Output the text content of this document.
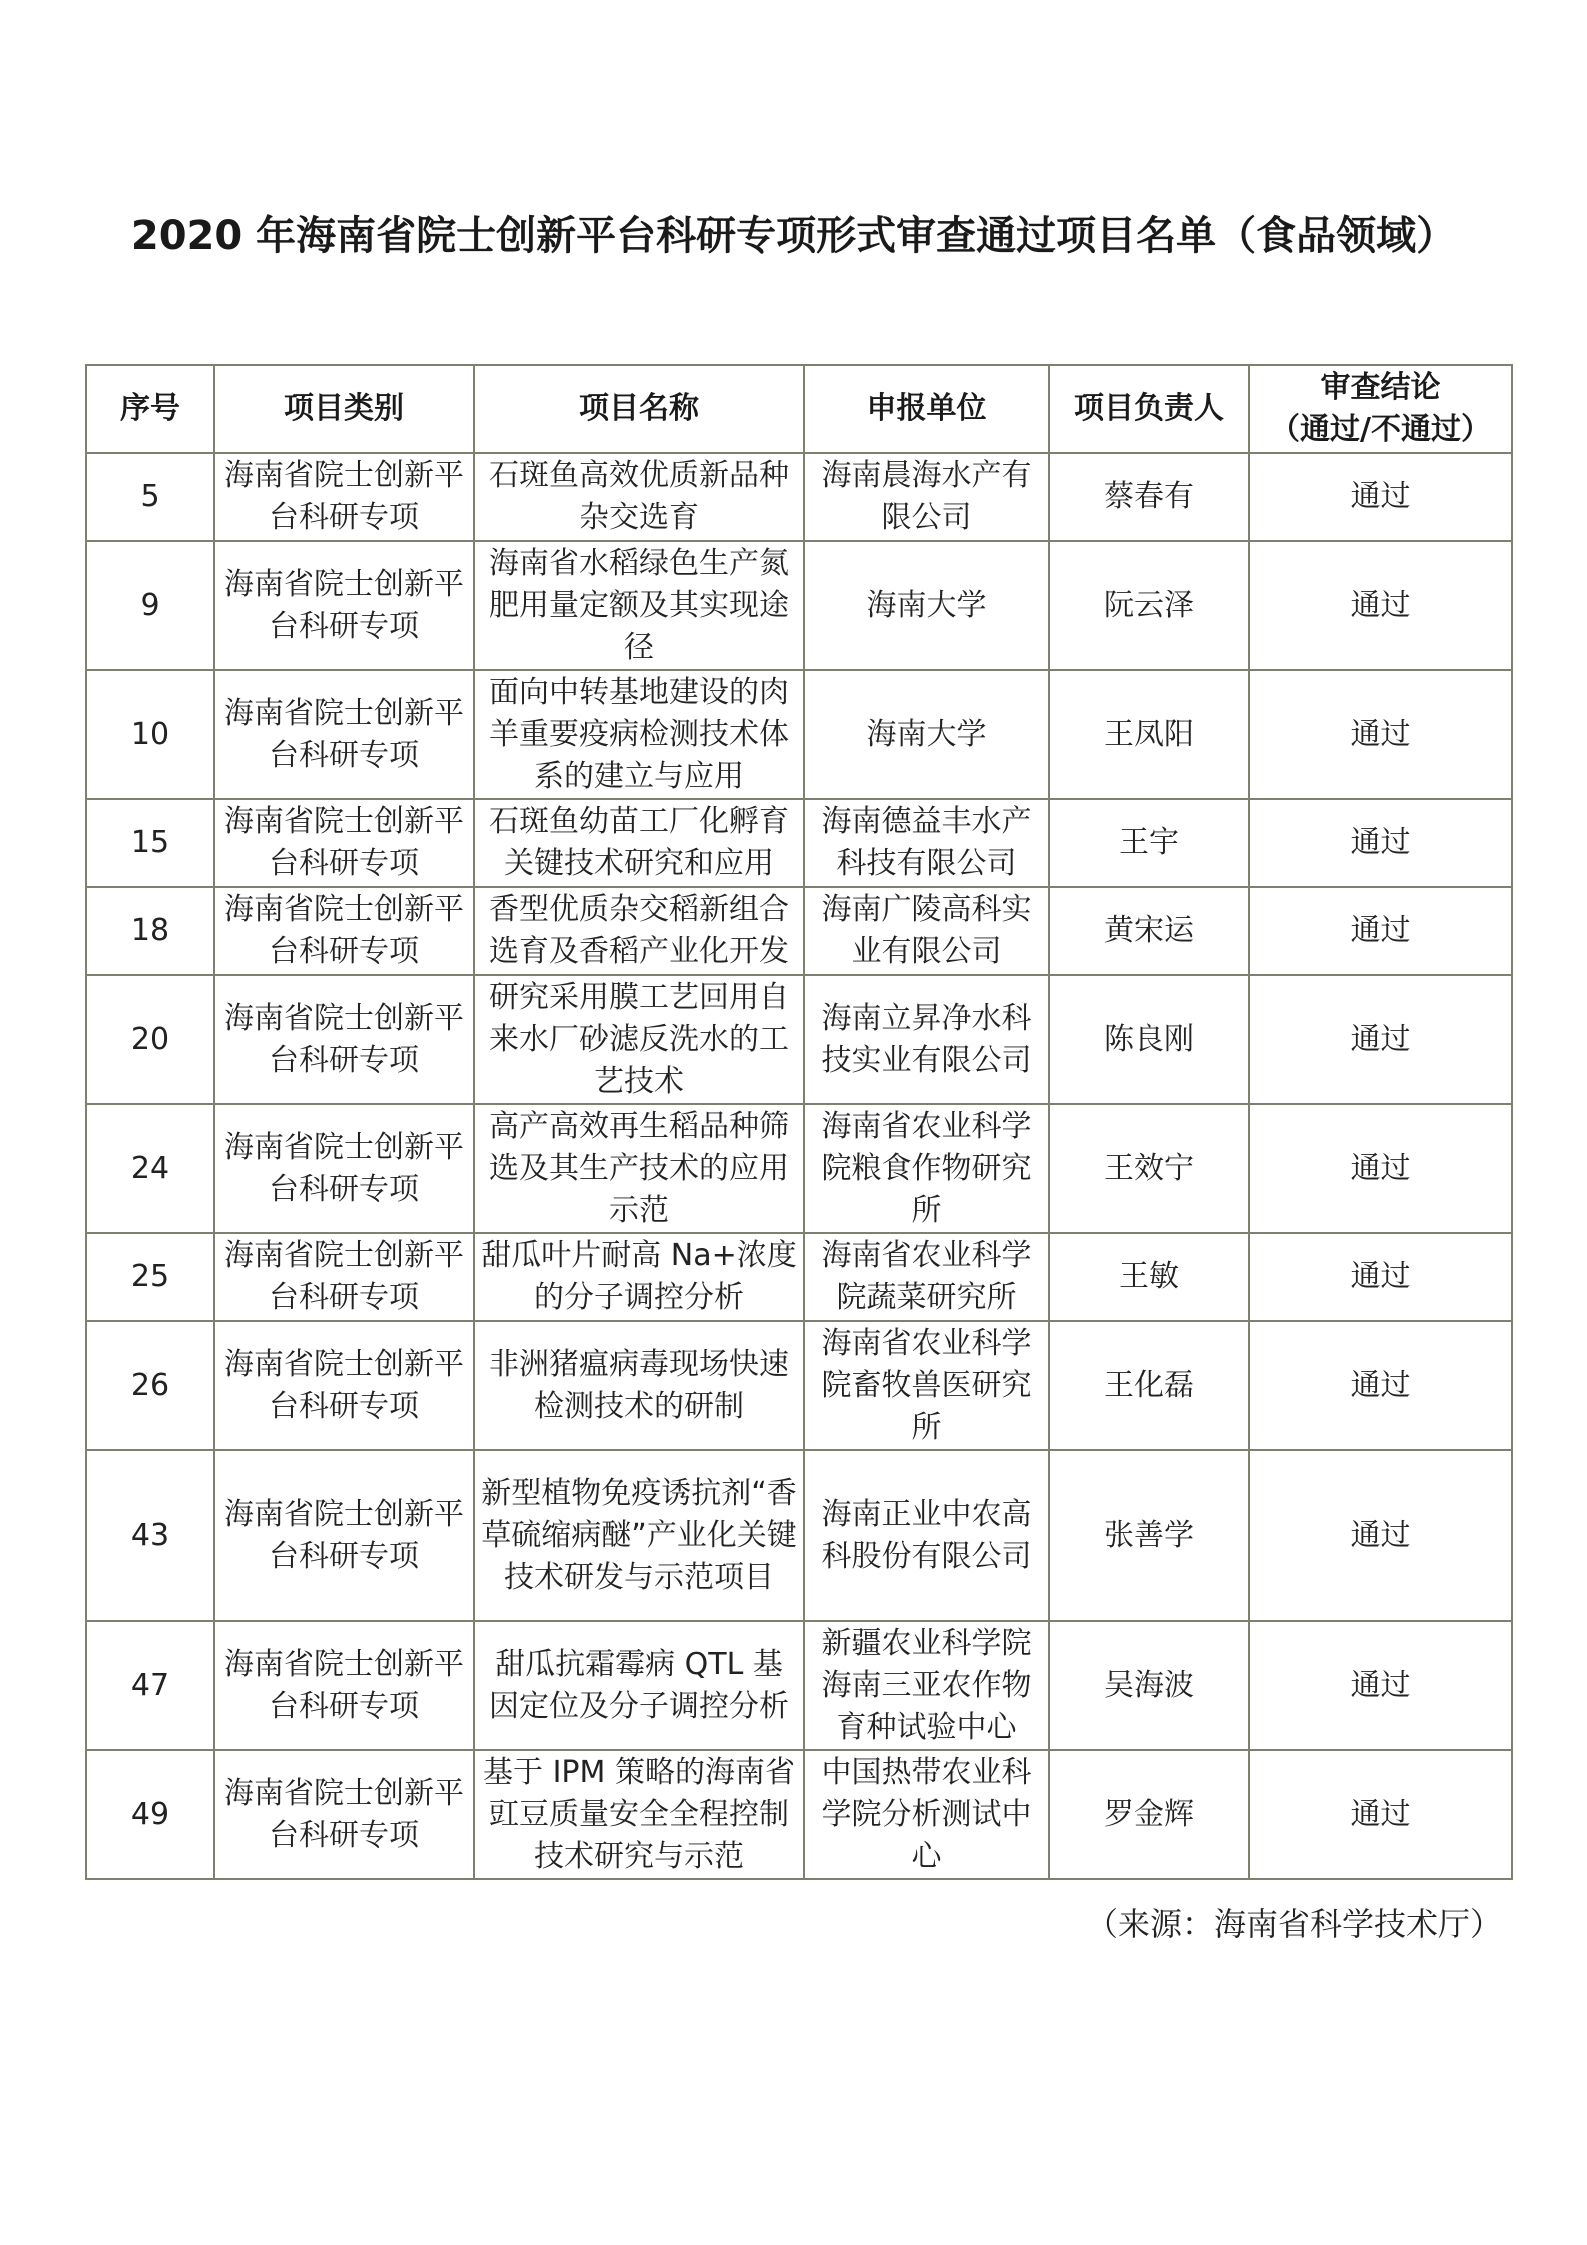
2020 年海南省院士创新平台科研专项形式审查通过项目名单（食品领域）
序号	项目类别	项目名称	申报单位	项目负责人	审查结论
（通过/不通过）

5	海南省院士创新平台科研专项	石斑鱼高效优质新品种杂交选育	海南晨海水产有限公司	蔡春有	通过
9	海南省院士创新平台科研专项	海南省水稻绿色生产氮肥用量定额及其实现途径	海南大学	阮云泽	通过
10	海南省院士创新平台科研专项	面向中转基地建设的肉羊重要疫病检测技术体系的建立与应用	海南大学	王凤阳	通过
15	海南省院士创新平台科研专项	石斑鱼幼苗工厂化孵育关键技术研究和应用	海南德益丰水产科技有限公司	王宇	通过
18	海南省院士创新平台科研专项	香型优质杂交稻新组合选育及香稻产业化开发	海南广陵高科实业有限公司	黄宋运	通过
20	海南省院士创新平台科研专项	研究采用膜工艺回用自来水厂砂滤反洗水的工艺技术	海南立昇净水科技实业有限公司	陈良刚	通过
24	海南省院士创新平台科研专项	高产高效再生稻品种筛选及其生产技术的应用示范	海南省农业科学院粮食作物研究所	王效宁	通过
25	海南省院士创新平台科研专项	甜瓜叶片耐高 Na+浓度的分子调控分析	海南省农业科学院蔬菜研究所	王敏	通过
26	海南省院士创新平台科研专项	非洲猪瘟病毒现场快速检测技术的研制	海南省农业科学院畜牧兽医研究所	王化磊	通过
43	海南省院士创新平台科研专项	新型植物免疫诱抗剂“香草硫缩病醚”产业化关键技术研发与示范项目	海南正业中农高科股份有限公司	张善学	通过
47	海南省院士创新平台科研专项	甜瓜抗霜霉病 QTL 基因定位及分子调控分析	新疆农业科学院海南三亚农作物育种试验中心	吴海波	通过
49	海南省院士创新平台科研专项	基于 IPM 策略的海南省豇豆质量安全全程控制技术研究与示范	中国热带农业科学院分析测试中心	罗金辉	通过
（来源：海南省科学技术厅）
